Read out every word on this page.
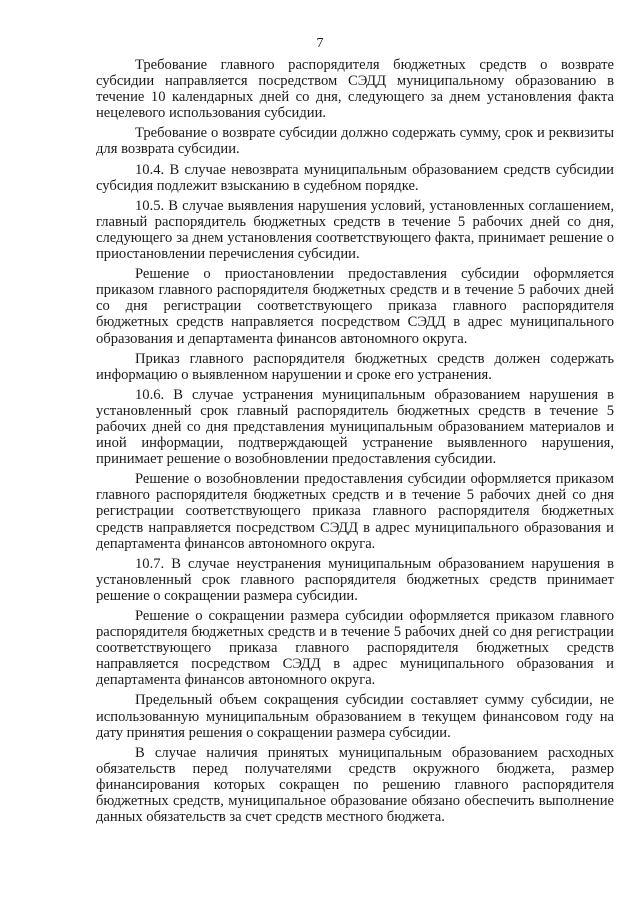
7

Требование главного распорядителя бюджетных средств о возврате субсидии направляется посредством СЭДД муниципальному образованию в течение 10 календарных дней со дня, следующего за днем установления факта нецелевого использования субсидии.

Требование о возврате субсидии должно содержать сумму, срок и реквизиты для возврата субсидии.

10.4. В случае невозврата муниципальным образованием средств субсидии субсидия подлежит взысканию в судебном порядке.

10.5. В случае выявления нарушения условий, установленных соглашением, главный распорядитель бюджетных средств в течение 5 рабочих дней со дня, следующего за днем установления соответствующего факта, принимает решение о приостановлении перечисления субсидии.

Решение о приостановлении предоставления субсидии оформляется приказом главного распорядителя бюджетных средств и в течение 5 рабочих дней со дня регистрации соответствующего приказа главного распорядителя бюджетных средств направляется посредством СЭДД в адрес муниципального образования и департамента финансов автономного округа.

Приказ главного распорядителя бюджетных средств должен содержать информацию о выявленном нарушении и сроке его устранения.

10.6. В случае устранения муниципальным образованием нарушения в установленный срок главный распорядитель бюджетных средств в течение 5 рабочих дней со дня представления муниципальным образованием материалов и иной информации, подтверждающей устранение выявленного нарушения, принимает решение о возобновлении предоставления субсидии.

Решение о возобновлении предоставления субсидии оформляется приказом главного распорядителя бюджетных средств и в течение 5 рабочих дней со дня регистрации соответствующего приказа главного распорядителя бюджетных средств направляется посредством СЭДД в адрес муниципального образования и департамента финансов автономного округа.

10.7. В случае неустранения муниципальным образованием нарушения в установленный срок главного распорядителя бюджетных средств принимает решение о сокращении размера субсидии.

Решение о сокращении размера субсидии оформляется приказом главного распорядителя бюджетных средств и в течение 5 рабочих дней со дня регистрации соответствующего приказа главного распорядителя бюджетных средств направляется посредством СЭДД в адрес муниципального образования и департамента финансов автономного округа.

Предельный объем сокращения субсидии составляет сумму субсидии, не использованную муниципальным образованием в текущем финансовом году на дату принятия решения о сокращении размера субсидии.

В случае наличия принятых муниципальным образованием расходных обязательств перед получателями средств окружного бюджета, размер финансирования которых сокращен по решению главного распорядителя бюджетных средств, муниципальное образование обязано обеспечить выполнение данных обязательств за счет средств местного бюджета.
